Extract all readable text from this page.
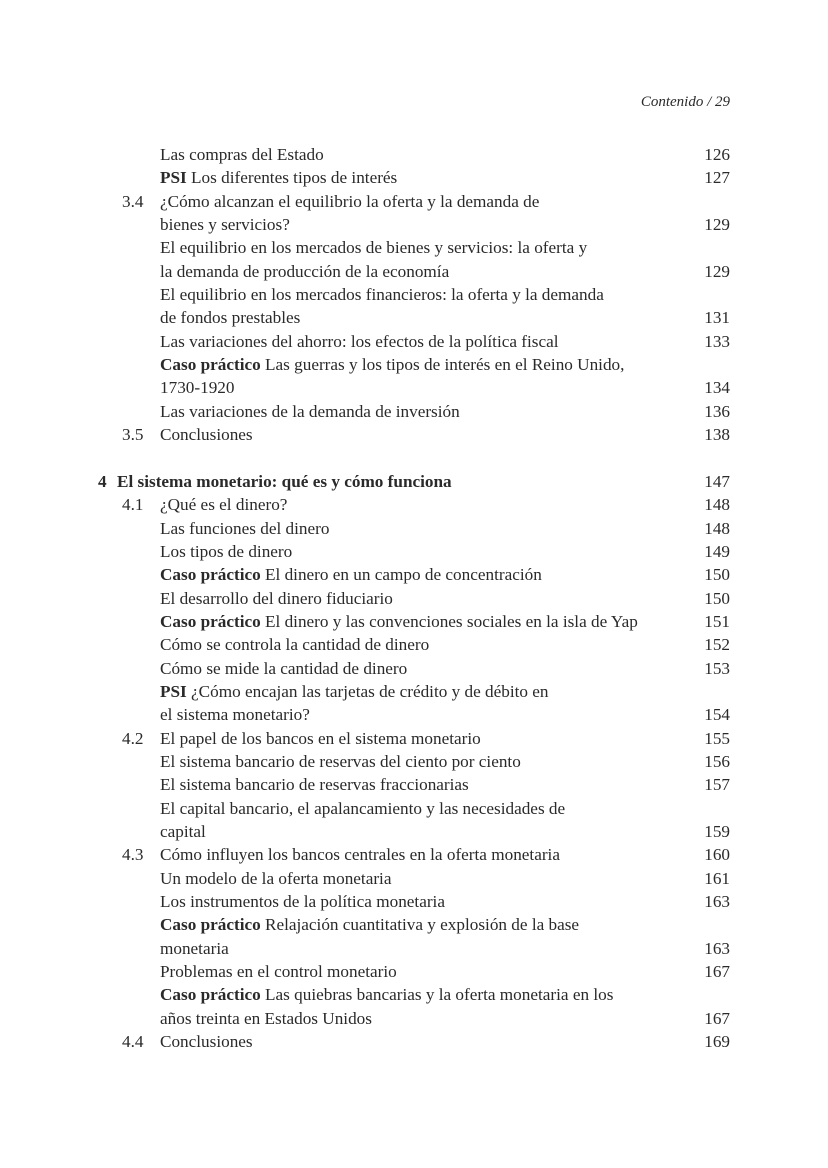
Contenido / 29
Las compras del Estado	126
PSI Los diferentes tipos de interés	127
3.4 ¿Cómo alcanzan el equilibrio la oferta y la demanda de
bienes y servicios?	129
El equilibrio en los mercados de bienes y servicios: la oferta y
la demanda de producción de la economía	129
El equilibrio en los mercados financieros: la oferta y la demanda
de fondos prestables	131
Las variaciones del ahorro: los efectos de la política fiscal	133
Caso práctico Las guerras y los tipos de interés en el Reino Unido,
1730-1920	134
Las variaciones de la demanda de inversión	136
3.5 Conclusiones	138
4 El sistema monetario: qué es y cómo funciona	147
4.1 ¿Qué es el dinero?	148
Las funciones del dinero	148
Los tipos de dinero	149
Caso práctico El dinero en un campo de concentración	150
El desarrollo del dinero fiduciario	150
Caso práctico El dinero y las convenciones sociales en la isla de Yap	151
Cómo se controla la cantidad de dinero	152
Cómo se mide la cantidad de dinero	153
PSI ¿Cómo encajan las tarjetas de crédito y de débito en
el sistema monetario?	154
4.2 El papel de los bancos en el sistema monetario	155
El sistema bancario de reservas del ciento por ciento	156
El sistema bancario de reservas fraccionarias	157
El capital bancario, el apalancamiento y las necesidades de
capital	159
4.3 Cómo influyen los bancos centrales en la oferta monetaria	160
Un modelo de la oferta monetaria	161
Los instrumentos de la política monetaria	163
Caso práctico Relajación cuantitativa y explosión de la base
monetaria	163
Problemas en el control monetario	167
Caso práctico Las quiebras bancarias y la oferta monetaria en los
años treinta en Estados Unidos	167
4.4 Conclusiones	169
